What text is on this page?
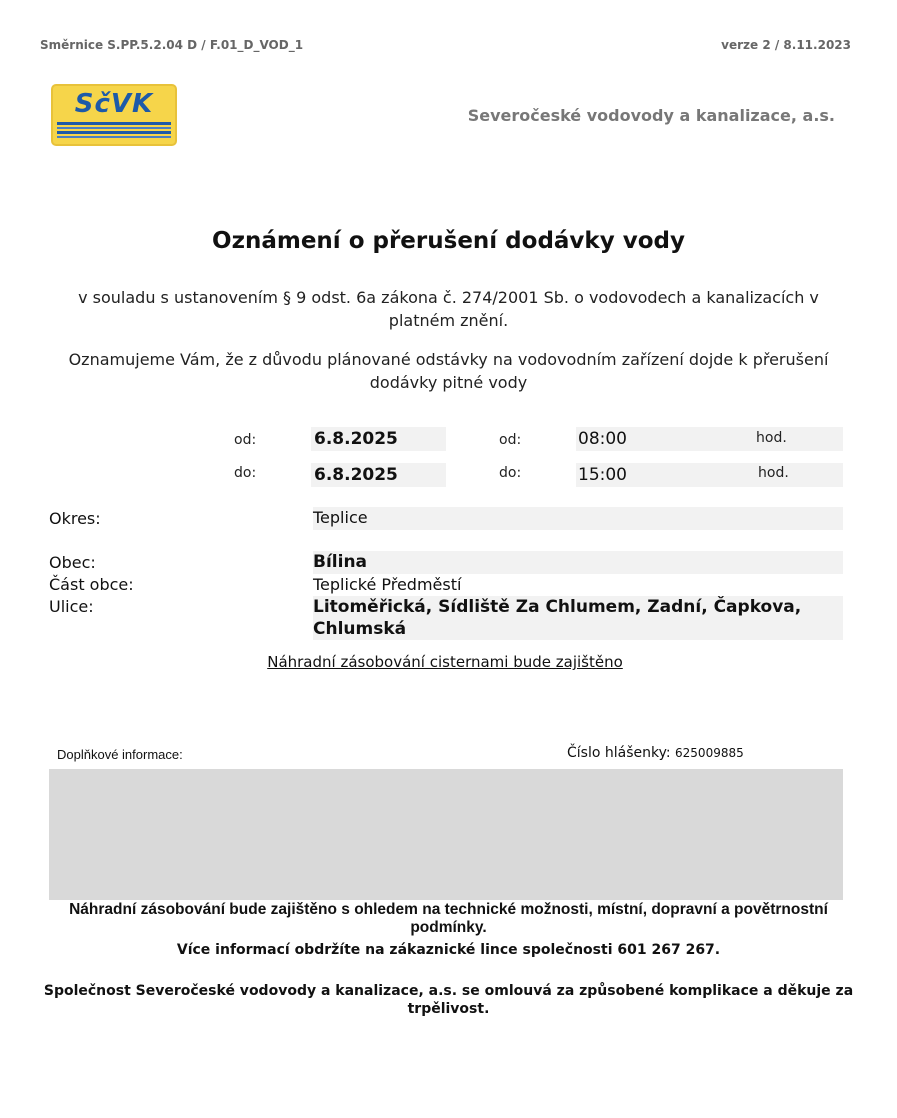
Směrnice S.PP.5.2.04 D / F.01_D_VOD_1	verze 2 / 8.11.2023
SčVK	Severočeské vodovody a kanalizace, a.s.
Oznámení o přerušení dodávky vody
v souladu s ustanovením § 9 odst. 6a zákona č. 274/2001 Sb. o vodovodech a kanalizacích v platném znění.
Oznamujeme Vám, že z důvodu plánované odstávky na vodovodním zařízení dojde k přerušení dodávky pitné vody
od:	6.8.2025	od:	08:00	hod.
do:	6.8.2025	do:	15:00	hod.
Okres:	Teplice
Obec:	Bílina
Část obce:	Teplické Předměstí
Ulice:	Litoměřická, Sídliště Za Chlumem, Zadní, Čapkova, Chlumská
Náhradní zásobování cisternami bude zajištěno
Doplňkové informace:	Číslo hlášenky: 625009885
Náhradní zásobování bude zajištěno s ohledem na technické možnosti, místní, dopravní a povětrnostní podmínky.
Více informací obdržíte na zákaznické lince společnosti 601 267 267.
Společnost Severočeské vodovody a kanalizace, a.s. se omlouvá za způsobené komplikace a děkuje za trpělivost.
